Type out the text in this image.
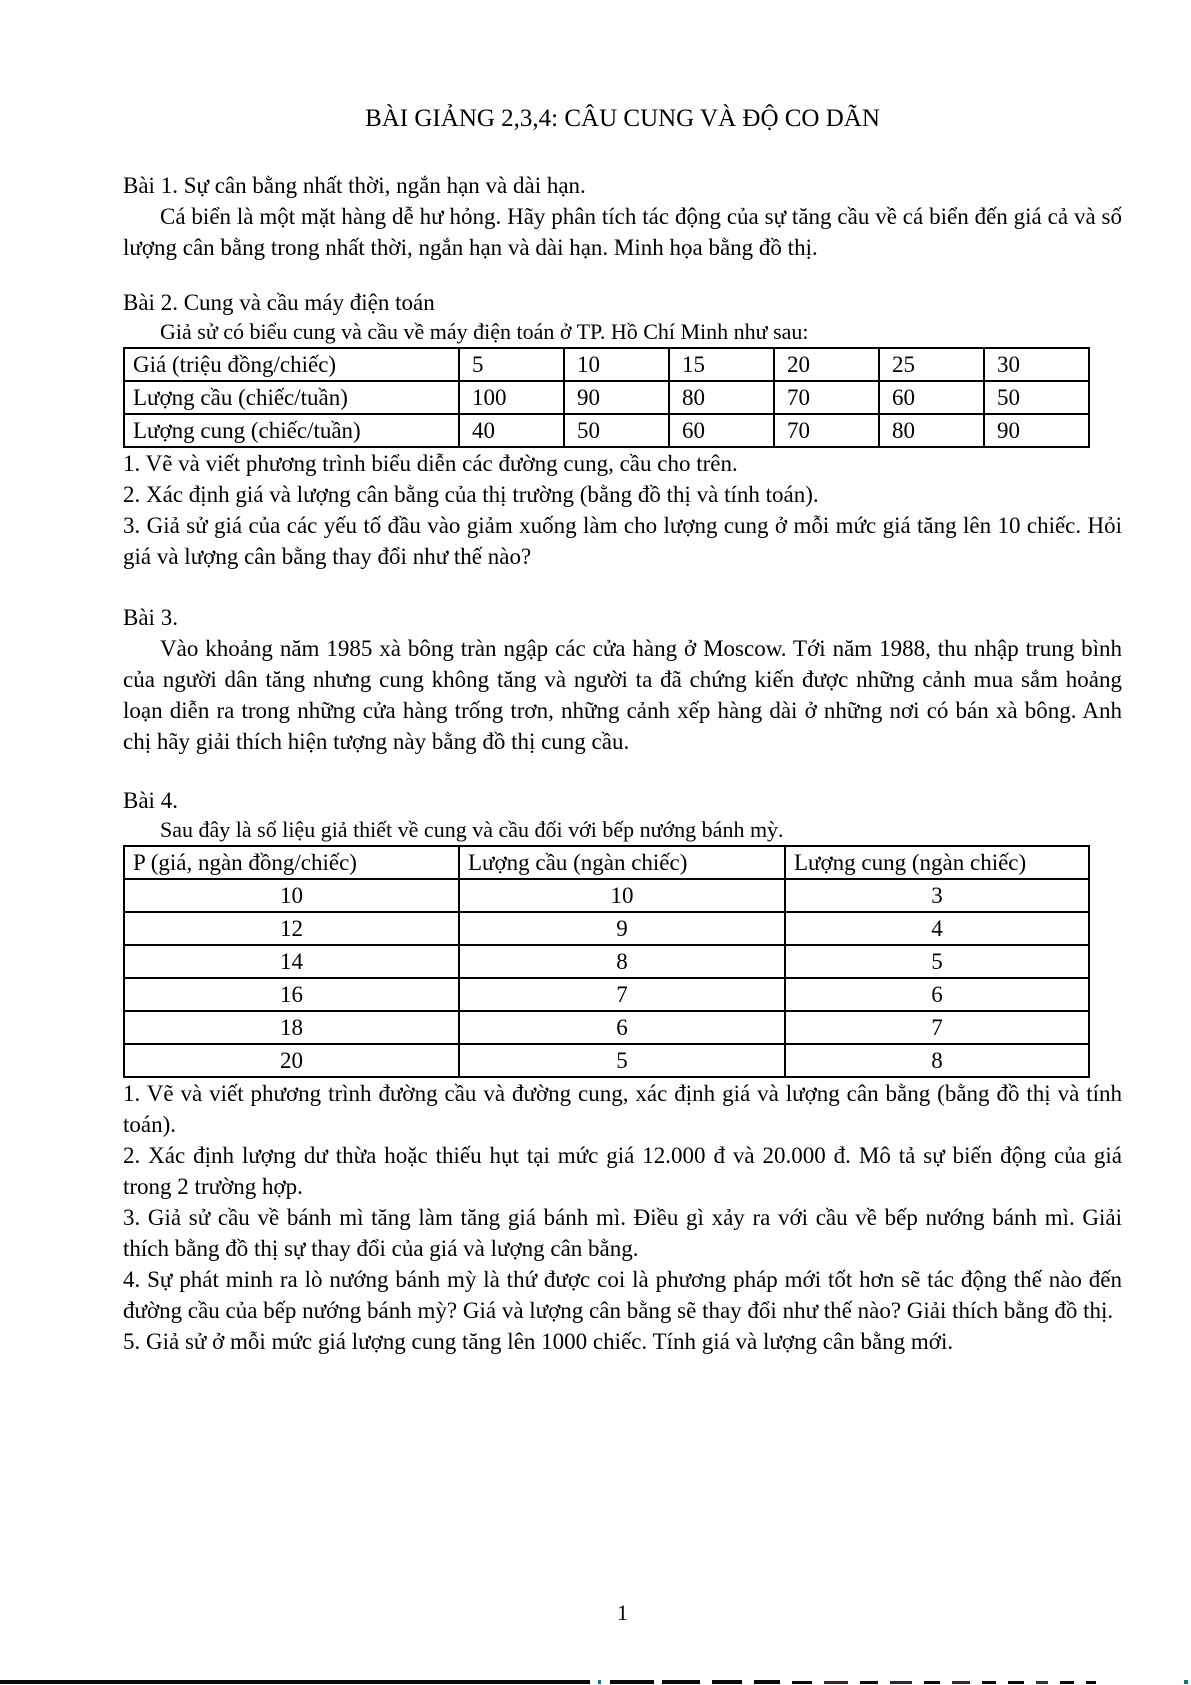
BÀI GIẢNG 2,3,4: CÂU CUNG VÀ ĐỘ CO DÃN
Bài 1. Sự cân bằng nhất thời, ngắn hạn và dài hạn.

Cá biển là một mặt hàng dễ hư hỏng. Hãy phân tích tác động của sự tăng cầu về cá biển đến giá cả và số lượng cân bằng trong nhất thời, ngắn hạn và dài hạn. Minh họa bằng đồ thị.

Bài 2. Cung và cầu máy điện toán

Giả sử có biểu cung và cầu về máy điện toán ở TP. Hồ Chí Minh như sau:

Giá (triệu đồng/chiếc)	5	10	15	20	25	30
Lượng cầu (chiếc/tuần)	100	90	80	70	60	50
Lượng cung (chiếc/tuần)	40	50	60	70	80	90

1. Vẽ và viết phương trình biểu diễn các đường cung, cầu cho trên.

2. Xác định giá và lượng cân bằng của thị trường (bằng đồ thị và tính toán).

3. Giả sử giá của các yếu tố đầu vào giảm xuống làm cho lượng cung ở mỗi mức giá tăng lên 10 chiếc. Hỏi giá và lượng cân bằng thay đổi như thế nào?

Bài 3.

Vào khoảng năm 1985 xà bông tràn ngập các cửa hàng ở Moscow. Tới năm 1988, thu nhập trung bình của người dân tăng nhưng cung không tăng và người ta đã chứng kiến được những cảnh mua sắm hoảng loạn diễn ra trong những cửa hàng trống trơn, những cảnh xếp hàng dài ở những nơi có bán xà bông. Anh chị hãy giải thích hiện tượng này bằng đồ thị cung cầu.

Bài 4.

Sau đây là số liệu giả thiết về cung và cầu đối với bếp nướng bánh mỳ.

P (giá, ngàn đồng/chiếc)	Lượng cầu (ngàn chiếc)	Lượng cung (ngàn chiếc)
10	10	3
12	9	4
14	8	5
16	7	6
18	6	7
20	5	8

1. Vẽ và viết phương trình đường cầu và đường cung, xác định giá và lượng cân bằng (bằng đồ thị và tính toán).

2. Xác định lượng dư thừa hoặc thiếu hụt tại mức giá 12.000 đ và 20.000 đ. Mô tả sự biến động của giá trong 2 trường hợp.

3. Giả sử cầu về bánh mì tăng làm tăng giá bánh mì. Điều gì xảy ra với cầu về bếp nướng bánh mì. Giải thích bằng đồ thị sự thay đổi của giá và lượng cân bằng.

4. Sự phát minh ra lò nướng bánh mỳ là thứ được coi là phương pháp mới tốt hơn sẽ tác động thế nào đến đường cầu của bếp nướng bánh mỳ? Giá và lượng cân bằng sẽ thay đổi như thế nào? Giải thích bằng đồ thị.

5. Giả sử ở mỗi mức giá lượng cung tăng lên 1000 chiếc. Tính giá và lượng cân bằng mới.

1
